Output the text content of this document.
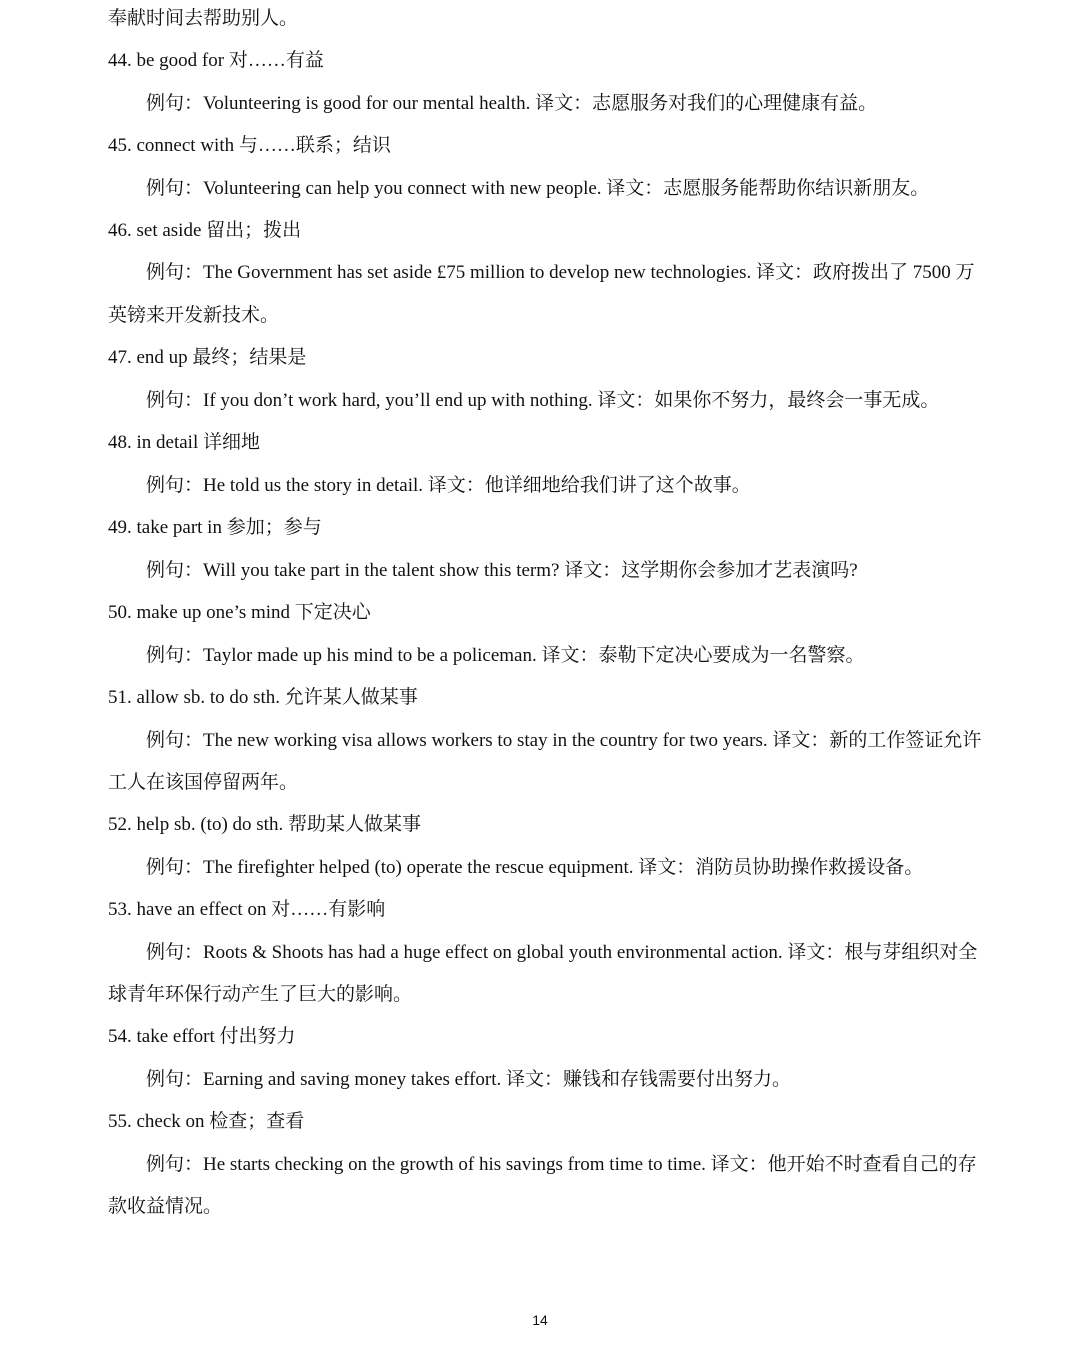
奉献时间去帮助别人。
44. be good for 对……有益
例句：Volunteering is good for our mental health. 译文：志愿服务对我们的心理健康有益。
45. connect with 与……联系；结识
例句：Volunteering can help you connect with new people. 译文：志愿服务能帮助你结识新朋友。
46. set aside 留出；拨出
例句：The Government has set aside £75 million to develop new technologies. 译文：政府拨出了 7500 万
英镑来开发新技术。
47. end up 最终；结果是
例句：If you don’t work hard, you’ll end up with nothing. 译文：如果你不努力，最终会一事无成。
48. in detail 详细地
例句：He told us the story in detail. 译文：他详细地给我们讲了这个故事。
49. take part in 参加；参与
例句：Will you take part in the talent show this term? 译文：这学期你会参加才艺表演吗?
50. make up one’s mind 下定决心
例句：Taylor made up his mind to be a policeman. 译文：泰勒下定决心要成为一名警察。
51. allow sb. to do sth. 允许某人做某事
例句：The new working visa allows workers to stay in the country for two years. 译文：新的工作签证允许
工人在该国停留两年。
52. help sb. (to) do sth. 帮助某人做某事
例句：The firefighter helped (to) operate the rescue equipment. 译文：消防员协助操作救援设备。
53. have an effect on 对……有影响
例句：Roots & Shoots has had a huge effect on global youth environmental action. 译文：根与芽组织对全
球青年环保行动产生了巨大的影响。
54. take effort 付出努力
例句：Earning and saving money takes effort. 译文：赚钱和存钱需要付出努力。
55. check on 检查；查看
例句：He starts checking on the growth of his savings from time to time. 译文：他开始不时查看自己的存
款收益情况。
14
